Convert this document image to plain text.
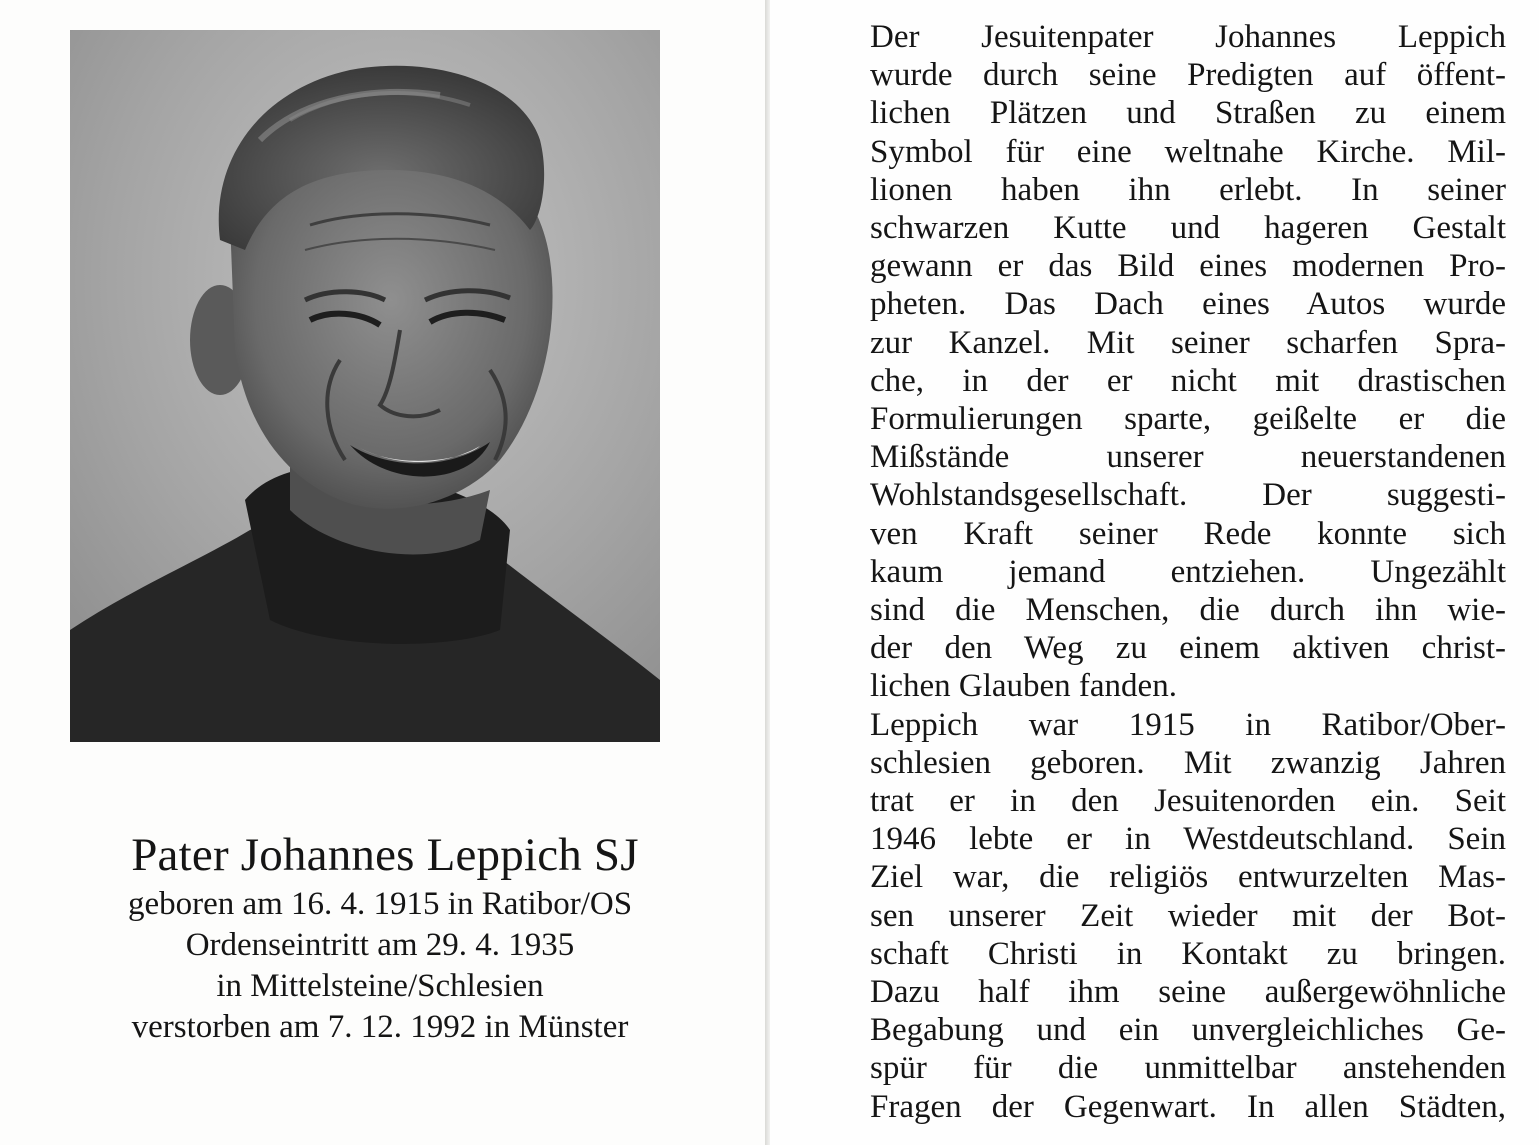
Pater Johannes Leppich SJ
geboren am 16. 4. 1915 in Ratibor/OS
Ordenseintritt am 29. 4. 1935
in Mittelsteine/Schlesien
verstorben am 7. 12. 1992 in Münster
Der Jesuitenpater Johannes Leppich
wurde durch seine Predigten auf öffent-
lichen Plätzen und Straßen zu einem
Symbol für eine weltnahe Kirche. Mil-
lionen haben ihn erlebt. In seiner
schwarzen Kutte und hageren Gestalt
gewann er das Bild eines modernen Pro-
pheten. Das Dach eines Autos wurde
zur Kanzel. Mit seiner scharfen Spra-
che, in der er nicht mit drastischen
Formulierungen sparte, geißelte er die
Mißstände unserer neuerstandenen
Wohlstandsgesellschaft. Der suggesti-
ven Kraft seiner Rede konnte sich
kaum jemand entziehen. Ungezählt
sind die Menschen, die durch ihn wie-
der den Weg zu einem aktiven christ-
lichen Glauben fanden.
Leppich war 1915 in Ratibor/Ober-
schlesien geboren. Mit zwanzig Jahren
trat er in den Jesuitenorden ein. Seit
1946 lebte er in Westdeutschland. Sein
Ziel war, die religiös entwurzelten Mas-
sen unserer Zeit wieder mit der Bot-
schaft Christi in Kontakt zu bringen.
Dazu half ihm seine außergewöhnliche
Begabung und ein unvergleichliches Ge-
spür für die unmittelbar anstehenden
Fragen der Gegenwart. In allen Städten,
